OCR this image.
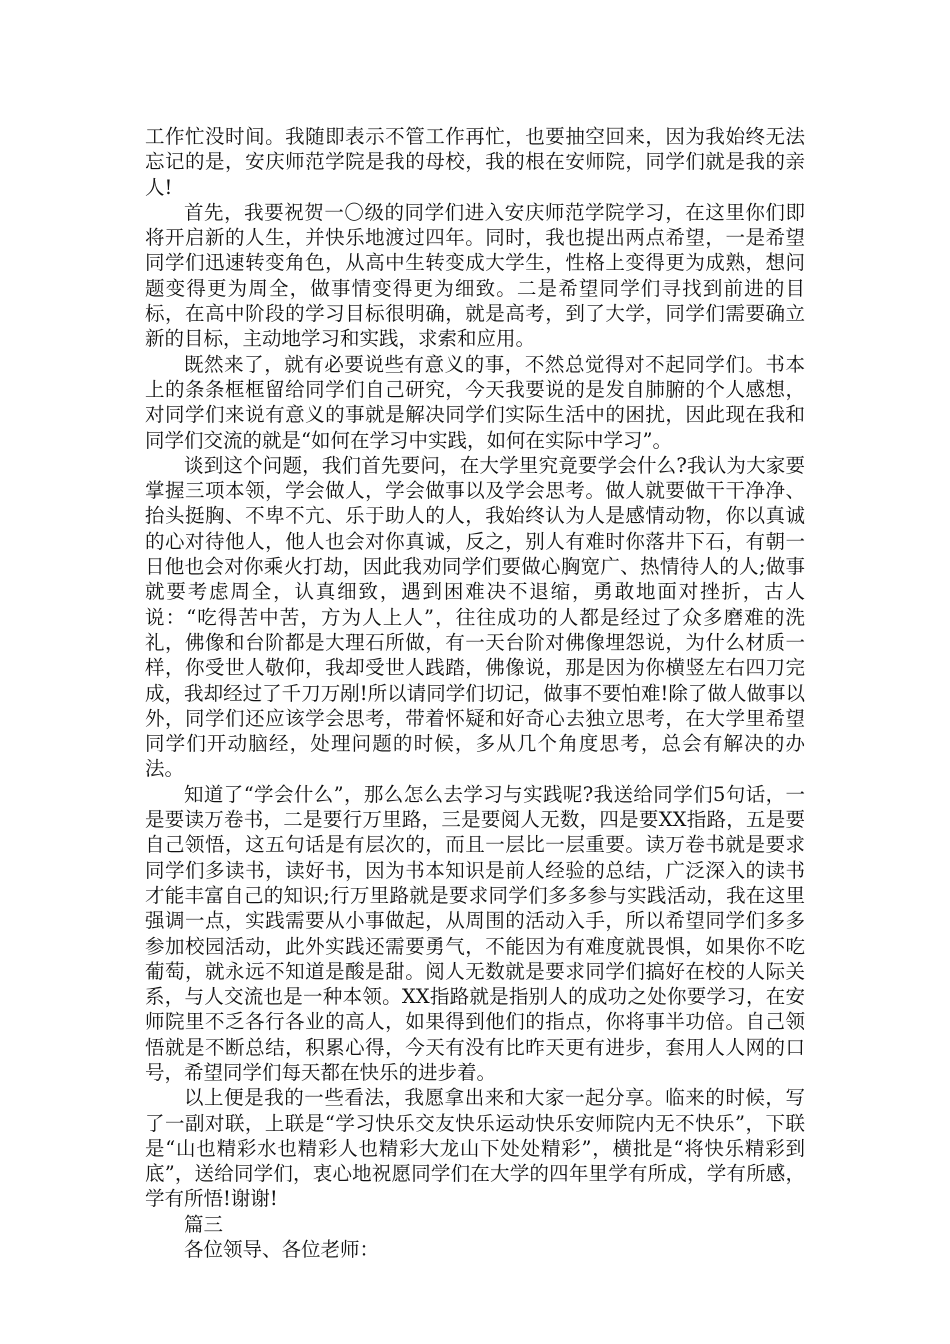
工作忙没时间。我随即表示不管工作再忙，也要抽空回来，因为我始终无法忘记的是，安庆师范学院是我的母校，我的根在安师院，同学们就是我的亲人!

首先，我要祝贺一〇级的同学们进入安庆师范学院学习，在这里你们即将开启新的人生，并快乐地渡过四年。同时，我也提出两点希望，一是希望同学们迅速转变角色，从高中生转变成大学生，性格上变得更为成熟，想问题变得更为周全，做事情变得更为细致。二是希望同学们寻找到前进的目标，在高中阶段的学习目标很明确，就是高考，到了大学，同学们需要确立新的目标，主动地学习和实践，求索和应用。

既然来了，就有必要说些有意义的事，不然总觉得对不起同学们。书本上的条条框框留给同学们自己研究，今天我要说的是发自肺腑的个人感想，对同学们来说有意义的事就是解决同学们实际生活中的困扰，因此现在我和同学们交流的就是“如何在学习中实践，如何在实际中学习”。

谈到这个问题，我们首先要问，在大学里究竟要学会什么?我认为大家要掌握三项本领，学会做人，学会做事以及学会思考。做人就要做干干净净、抬头挺胸、不卑不亢、乐于助人的人，我始终认为人是感情动物，你以真诚的心对待他人，他人也会对你真诚，反之，别人有难时你落井下石，有朝一日他也会对你乘火打劫，因此我劝同学们要做心胸宽广、热情待人的人;做事就要考虑周全，认真细致，遇到困难决不退缩，勇敢地面对挫折，古人说：“吃得苦中苦，方为人上人”，往往成功的人都是经过了众多磨难的洗礼，佛像和台阶都是大理石所做，有一天台阶对佛像埋怨说，为什么材质一样，你受世人敬仰，我却受世人践踏，佛像说，那是因为你横竖左右四刀完成，我却经过了千刀万剐!所以请同学们切记，做事不要怕难!除了做人做事以外，同学们还应该学会思考，带着怀疑和好奇心去独立思考，在大学里希望同学们开动脑经，处理问题的时候，多从几个角度思考，总会有解决的办法。

知道了“学会什么”，那么怎么去学习与实践呢?我送给同学们5句话，一是要读万卷书，二是要行万里路，三是要阅人无数，四是要XX指路，五是要自己领悟，这五句话是有层次的，而且一层比一层重要。读万卷书就是要求同学们多读书，读好书，因为书本知识是前人经验的总结，广泛深入的读书才能丰富自己的知识;行万里路就是要求同学们多多参与实践活动，我在这里强调一点，实践需要从小事做起，从周围的活动入手，所以希望同学们多多参加校园活动，此外实践还需要勇气，不能因为有难度就畏惧，如果你不吃葡萄，就永远不知道是酸是甜。阅人无数就是要求同学们搞好在校的人际关系，与人交流也是一种本领。XX指路就是指别人的成功之处你要学习，在安师院里不乏各行各业的高人，如果得到他们的指点，你将事半功倍。自己领悟就是不断总结，积累心得，今天有没有比昨天更有进步，套用人人网的口号，希望同学们每天都在快乐的进步着。

以上便是我的一些看法，我愿拿出来和大家一起分享。临来的时候，写了一副对联，上联是“学习快乐交友快乐运动快乐安师院内无不快乐”，下联是“山也精彩水也精彩人也精彩大龙山下处处精彩”，横批是“将快乐精彩到底”，送给同学们，衷心地祝愿同学们在大学的四年里学有所成，学有所感，学有所悟!谢谢!

篇三

各位领导、各位老师：
